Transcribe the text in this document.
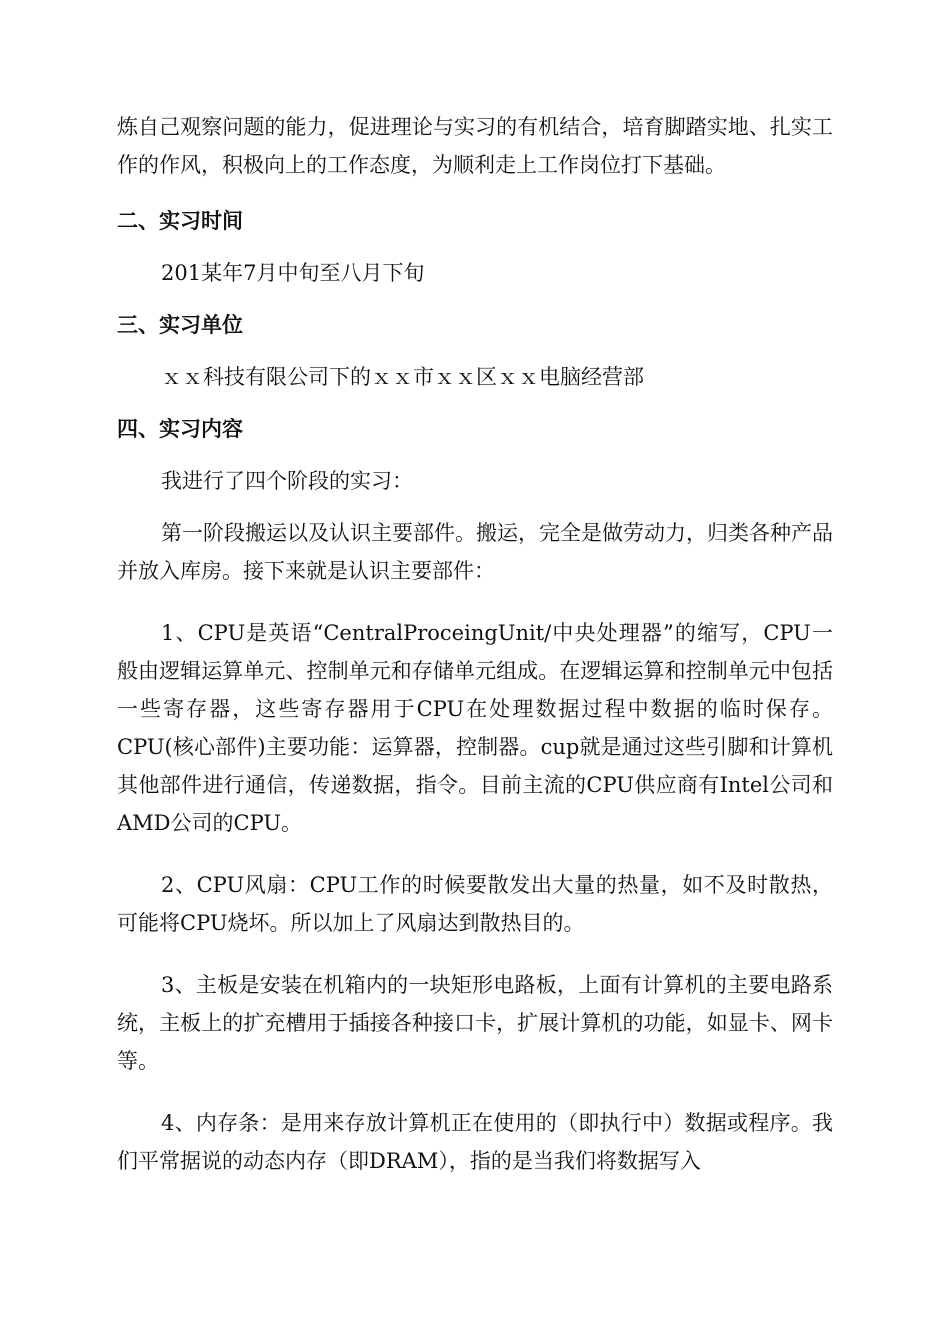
炼自己观察问题的能力，促进理论与实习的有机结合，培育脚踏实地、扎实工作的作风，积极向上的工作态度，为顺利走上工作岗位打下基础。

二、实习时间

201某年7月中旬至八月下旬

三、实习单位

ｘｘ科技有限公司下的ｘｘ市ｘｘ区ｘｘ电脑经营部

四、实习内容

我进行了四个阶段的实习：

第一阶段搬运以及认识主要部件。搬运，完全是做劳动力，归类各种产品并放入库房。接下来就是认识主要部件：

1、CPU是英语“CentralProceingUnit/中央处理器”的缩写，CPU一般由逻辑运算单元、控制单元和存储单元组成。在逻辑运算和控制单元中包括一些寄存器，这些寄存器用于CPU在处理数据过程中数据的临时保存。CPU(核心部件)主要功能：运算器，控制器。cup就是通过这些引脚和计算机其他部件进行通信，传递数据，指令。目前主流的CPU供应商有Intel公司和AMD公司的CPU。

2、CPU风扇：CPU工作的时候要散发出大量的热量，如不及时散热，可能将CPU烧坏。所以加上了风扇达到散热目的。

3、主板是安装在机箱内的一块矩形电路板，上面有计算机的主要电路系统，主板上的扩充槽用于插接各种接口卡，扩展计算机的功能，如显卡、网卡等。

4、内存条：是用来存放计算机正在使用的（即执行中）数据或程序。我们平常据说的动态内存（即DRAM），指的是当我们将数据写入
